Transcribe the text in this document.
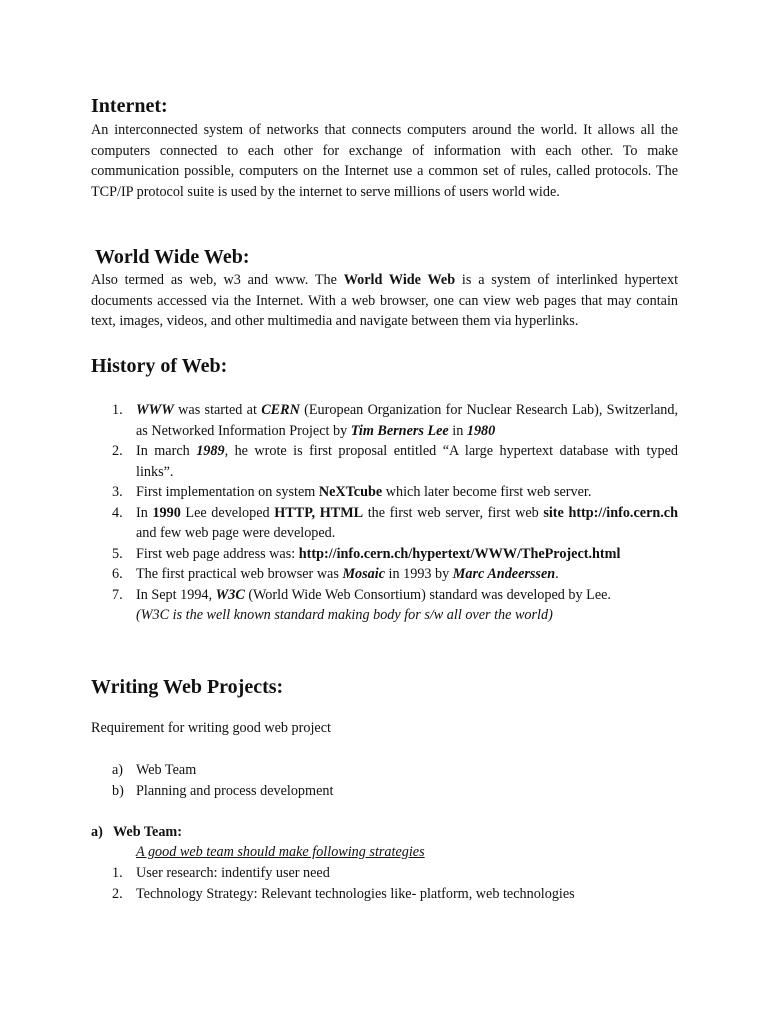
Internet:

An interconnected system of networks that connects computers around the world. It allows all the computers connected to each other for exchange of information with each other. To make communication possible, computers on the Internet use a common set of rules, called protocols. The TCP/IP protocol suite is used by the internet to serve millions of users world wide.

World Wide Web:

Also termed as web, w3 and www. The World Wide Web is a system of interlinked hypertext documents accessed via the Internet. With a web browser, one can view web pages that may contain text, images, videos, and other multimedia and navigate between them via hyperlinks.

History of Web:
1. WWW was started at CERN (European Organization for Nuclear Research Lab), Switzerland, as Networked Information Project by Tim Berners Lee in 1980
2. In march 1989, he wrote is first proposal entitled “A large hypertext database with typed links”.
3. First implementation on system NeXTcube which later become first web server.
4. In 1990 Lee developed HTTP, HTML the first web server, first web site http://info.cern.ch and few web page were developed.
5. First web page address was: http://info.cern.ch/hypertext/WWW/TheProject.html
6. The first practical web browser was Mosaic in 1993 by Marc Andeerssen.
7. In Sept 1994, W3C (World Wide Web Consortium) standard was developed by Lee.
(W3C is the well known standard making body for s/w all over the world)
Writing Web Projects:

Requirement for writing good web project

a) Web Team
b) Planning and process development
a) Web Team:
A good web team should make following strategies
1. User research: indentify user need
2. Technology Strategy: Relevant technologies like- platform, web technologies
